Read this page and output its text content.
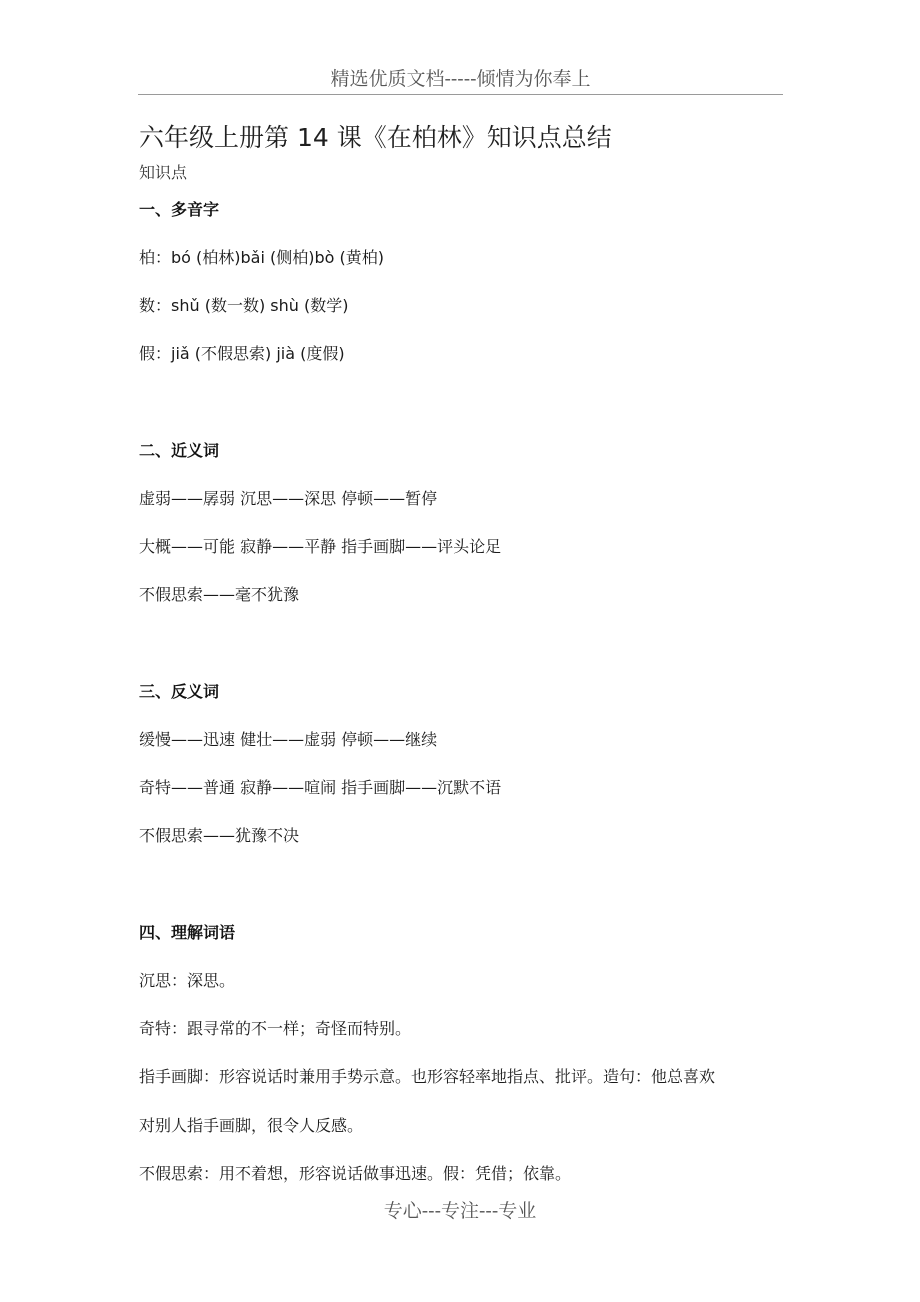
精选优质文档-----倾情为你奉上
六年级上册第 14 课《在柏林》知识点总结
知识点
一、多音字
柏：bó (柏林)bǎi (侧柏)bò (黄柏)
数：shǔ (数一数) shù (数学)
假：jiǎ (不假思索) jià (度假)
二、近义词
虚弱——孱弱 沉思——深思 停顿——暂停
大概——可能 寂静——平静 指手画脚——评头论足
不假思索——毫不犹豫
三、反义词
缓慢——迅速 健壮——虚弱 停顿——继续
奇特——普通 寂静——喧闹 指手画脚——沉默不语
不假思索——犹豫不决
四、理解词语
沉思：深思。
奇特：跟寻常的不一样；奇怪而特别。
指手画脚：形容说话时兼用手势示意。也形容轻率地指点、批评。造句：他总喜欢
对别人指手画脚，很令人反感。
不假思索：用不着想，形容说话做事迅速。假：凭借；依靠。
专心---专注---专业
